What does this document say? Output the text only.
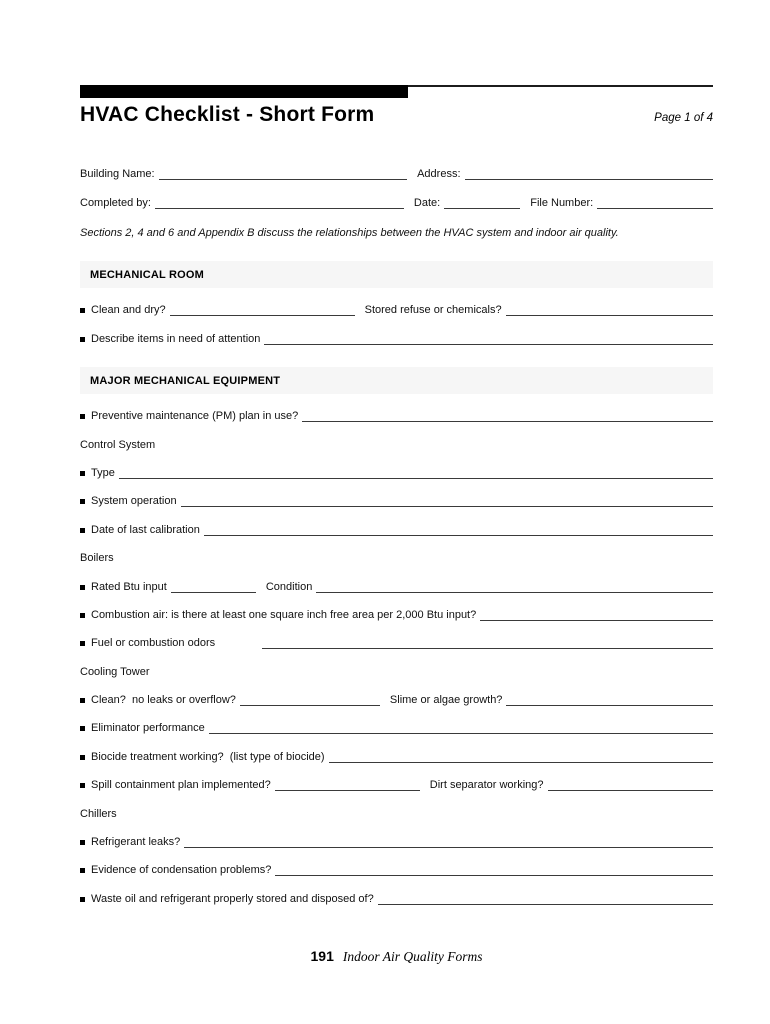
HVAC Checklist - Short Form	Page 1 of 4
Building Name:	Address:
Completed by:	Date:	File Number:

Sections 2, 4 and 6 and Appendix B discuss the relationships between the HVAC system and indoor air quality.

MECHANICAL ROOM
Clean and dry?	Stored refuse or chemicals?
Describe items in need of attention
MAJOR MECHANICAL EQUIPMENT
Preventive maintenance (PM) plan in use?
Control System
Type
System operation
Date of last calibration
Boilers
Rated Btu input	Condition
Combustion air: is there at least one square inch free area per 2,000 Btu input?
Fuel or combustion odors
Cooling Tower
Clean?  no leaks or overflow?	Slime or algae growth?
Eliminator performance
Biocide treatment working?  (list type of biocide)
Spill containment plan implemented?	Dirt separator working?
Chillers
Refrigerant leaks?
Evidence of condensation problems?
Waste oil and refrigerant properly stored and disposed of?
191 Indoor Air Quality Forms
